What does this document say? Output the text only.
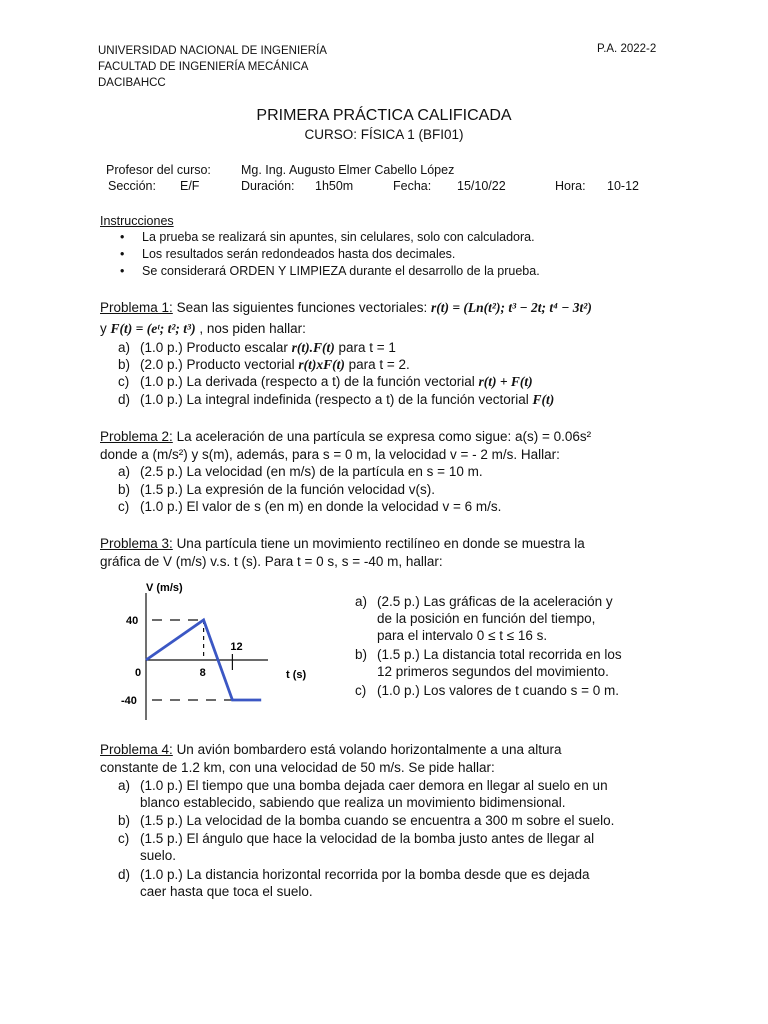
UNIVERSIDAD NACIONAL DE INGENIERÍA
FACULTAD DE INGENIERÍA MECÁNICA
DACIBAHCC
P.A. 2022-2
PRIMERA PRÁCTICA CALIFICADA
CURSO: FÍSICA 1 (BFI01)
Profesor del curso: Mg. Ing. Augusto Elmer Cabello López
Sección: E/F	Duración: 1h50m	Fecha: 15/10/22	Hora: 10-12
Instrucciones
• La prueba se realizará sin apuntes, sin celulares, solo con calculadora.
• Los resultados serán redondeados hasta dos decimales.
• Se considerará ORDEN Y LIMPIEZA durante el desarrollo de la prueba.
Problema 1: Sean las siguientes funciones vectoriales: r(t) = (Ln(t²); t³ − 2t; t⁴ − 3t²)
y F(t) = (eᵗ; t²; t³) , nos piden hallar:
a) (1.0 p.) Producto escalar r(t).F(t) para t = 1
b) (2.0 p.) Producto vectorial r(t)xF(t) para t = 2.
c) (1.0 p.) La derivada (respecto a t) de la función vectorial r(t) + F(t)
d) (1.0 p.) La integral indefinida (respecto a t) de la función vectorial F(t)
Problema 2: La aceleración de una partícula se expresa como sigue: a(s) = 0.06s²
donde a (m/s²) y s(m), además, para s = 0 m, la velocidad v = - 2 m/s. Hallar:
a) (2.5 p.) La velocidad (en m/s) de la partícula en s = 10 m.
b) (1.5 p.) La expresión de la función velocidad v(s).
c) (1.0 p.) El valor de s (en m) en donde la velocidad v = 6 m/s.
Problema 3: Una partícula tiene un movimiento rectilíneo en donde se muestra la
gráfica de V (m/s) v.s. t (s). Para t = 0 s, s = -40 m, hallar:
V (m/s)
t (s)
40
-40
0	8
12
a) (2.5 p.) Las gráficas de la aceleración y
de la posición en función del tiempo,
para el intervalo 0 ≤ t ≤ 16 s.
b) (1.5 p.) La distancia total recorrida en los
12 primeros segundos del movimiento.
c) (1.0 p.) Los valores de t cuando s = 0 m.
Problema 4: Un avión bombardero está volando horizontalmente a una altura
constante de 1.2 km, con una velocidad de 50 m/s. Se pide hallar:
a) (1.0 p.) El tiempo que una bomba dejada caer demora en llegar al suelo en un
blanco establecido, sabiendo que realiza un movimiento bidimensional.
b) (1.5 p.) La velocidad de la bomba cuando se encuentra a 300 m sobre el suelo.
c) (1.5 p.) El ángulo que hace la velocidad de la bomba justo antes de llegar al
suelo.
d) (1.0 p.) La distancia horizontal recorrida por la bomba desde que es dejada
caer hasta que toca el suelo.
